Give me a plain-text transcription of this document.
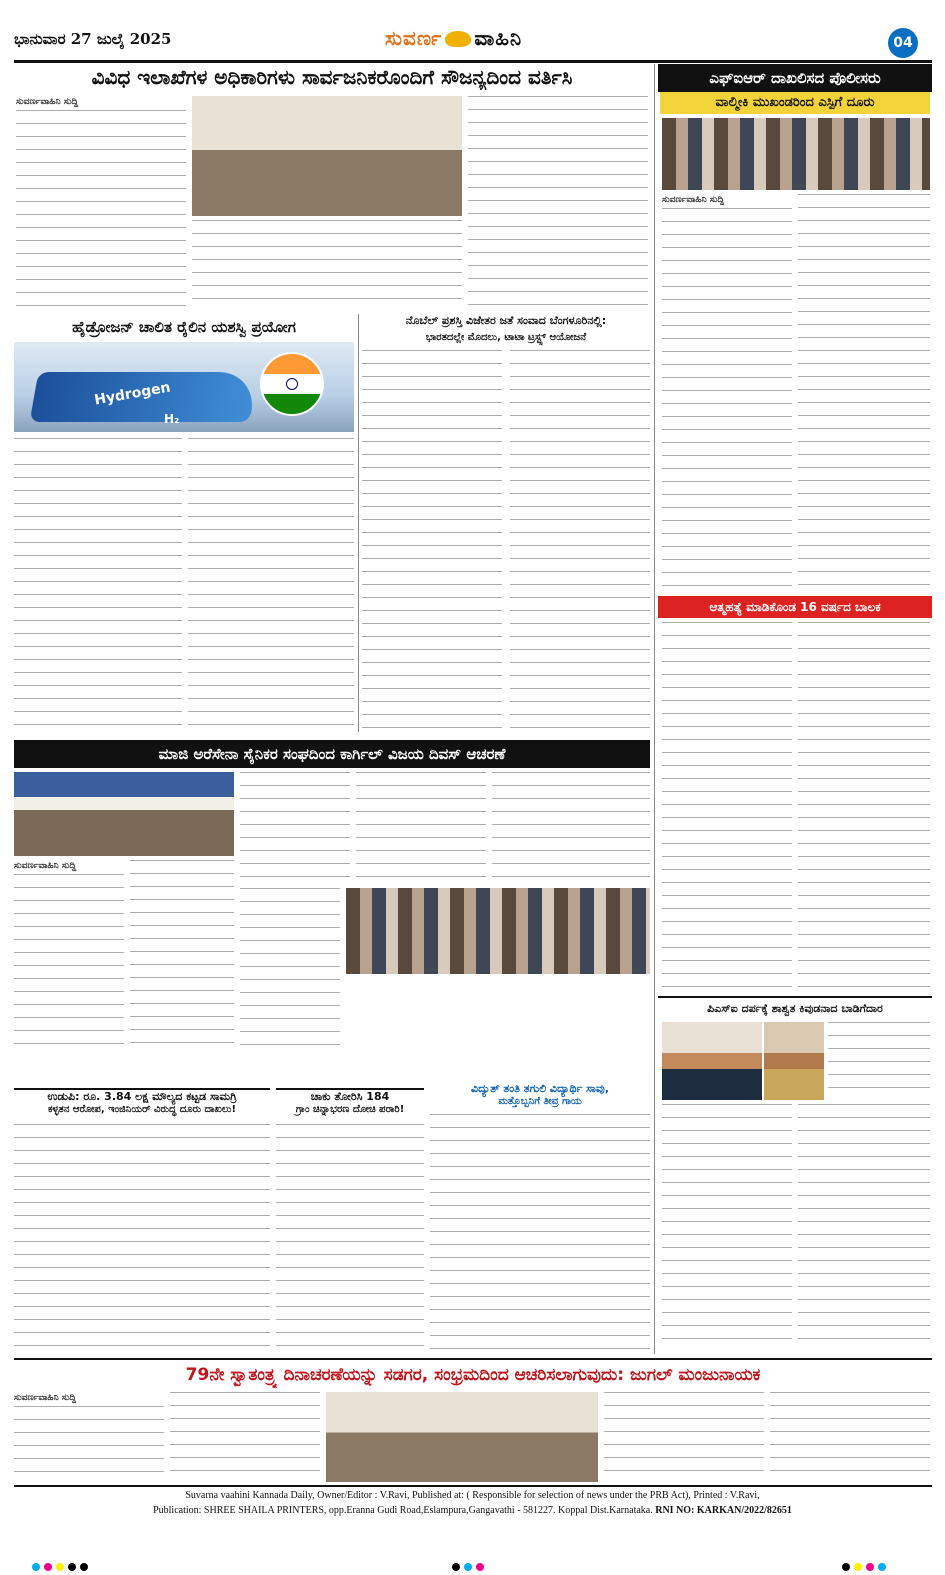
ಭಾನುವಾರ 27 ಜುಲೈ 2025	ಸುವರ್ಣ ವಾಹಿನಿ	04
ವಿವಿಧ ಇಲಾಖೆಗಳ ಅಧಿಕಾರಿಗಳು ಸಾರ್ವಜನಿಕರೊಂದಿಗೆ ಸೌಜನ್ಯದಿಂದ ವರ್ತಿಸಿ
ಸುವರ್ಣವಾಹಿನಿ ಸುದ್ದಿ
ಎಫ್‌ಐಆರ್ ದಾಖಲಿಸದ ಪೊಲೀಸರು
ವಾಲ್ಮೀಕಿ ಮುಖಂಡರಿಂದ ಎಸ್ಪಿಗೆ ದೂರು
ಸುವರ್ಣವಾಹಿನಿ ಸುದ್ದಿ
ಹೈಡ್ರೋಜನ್ ಚಾಲಿತ ರೈಲಿನ ಯಶಸ್ವಿ ಪ್ರಯೋಗ
Hydrogen
H₂
ನೊಬೆಲ್ ಪ್ರಶಸ್ತಿ ವಿಜೇತರ ಜತೆ ಸಂವಾದ ಬೆಂಗಳೂರಿನಲ್ಲಿ:
ಭಾರತದಲ್ಲೇ ಮೊದಲು, ಟಾಟಾ ಟ್ರಸ್ಟ್ಸ್ ಆಯೋಜನೆ
ಆತ್ಮಹತ್ಯೆ ಮಾಡಿಕೊಂಡ 16 ವರ್ಷದ ಬಾಲಕ
ಮಾಜಿ ಅರೆಸೇನಾ ಸೈನಿಕರ ಸಂಘದಿಂದ ಕಾರ್ಗಿಲ್ ವಿಜಯ ದಿವಸ್ ಆಚರಣೆ
ಸುವರ್ಣವಾಹಿನಿ ಸುದ್ದಿ
ಪಿಎಸ್‌ಐ ದರ್ಪಕ್ಕೆ ಶಾಶ್ವತ ಕಿವುಡನಾದ ಬಾಡಿಗೆದಾರ
ಉಡುಪಿ: ರೂ. 3.84 ಲಕ್ಷ ಮೌಲ್ಯದ ಕಟ್ಟಡ ಸಾಮಗ್ರಿ
ಕಳ್ಳತನ ಆರೋಪ, ಇಂಜಿನಿಯರ್ ವಿರುದ್ಧ ದೂರು ದಾಖಲು!
ಚಾಕು ತೋರಿಸಿ 184
ಗ್ರಾಂ ಚಿನ್ನಾಭರಣ ದೋಚಿ ಪರಾರಿ!
ವಿದ್ಯುತ್ ತಂತಿ ತಗುಲಿ ವಿದ್ಯಾರ್ಥಿ ಸಾವು,
ಮತ್ತೊಬ್ಬನಿಗೆ ತೀವ್ರ ಗಾಯ
79ನೇ ಸ್ವಾತಂತ್ರ್ಯ ದಿನಾಚರಣೆಯನ್ನು ಸಡಗರ, ಸಂಭ್ರಮದಿಂದ ಆಚರಿಸಲಾಗುವುದು: ಜುಗಲ್ ಮಂಜುನಾಯಕ
ಸುವರ್ಣವಾಹಿನಿ ಸುದ್ದಿ
Suvarna vaahini Kannada Daily, Owner/Editor : V.Ravi, Published at: ( Responsible for selection of news under the PRB Act), Printed : V.Ravi,
Publication: SHREE SHAILA PRINTERS, opp.Eranna Gudi Road,Eslampura,Gangavathi - 581227. Koppal Dist.Karnataka. RNI NO: KARKAN/2022/82651
